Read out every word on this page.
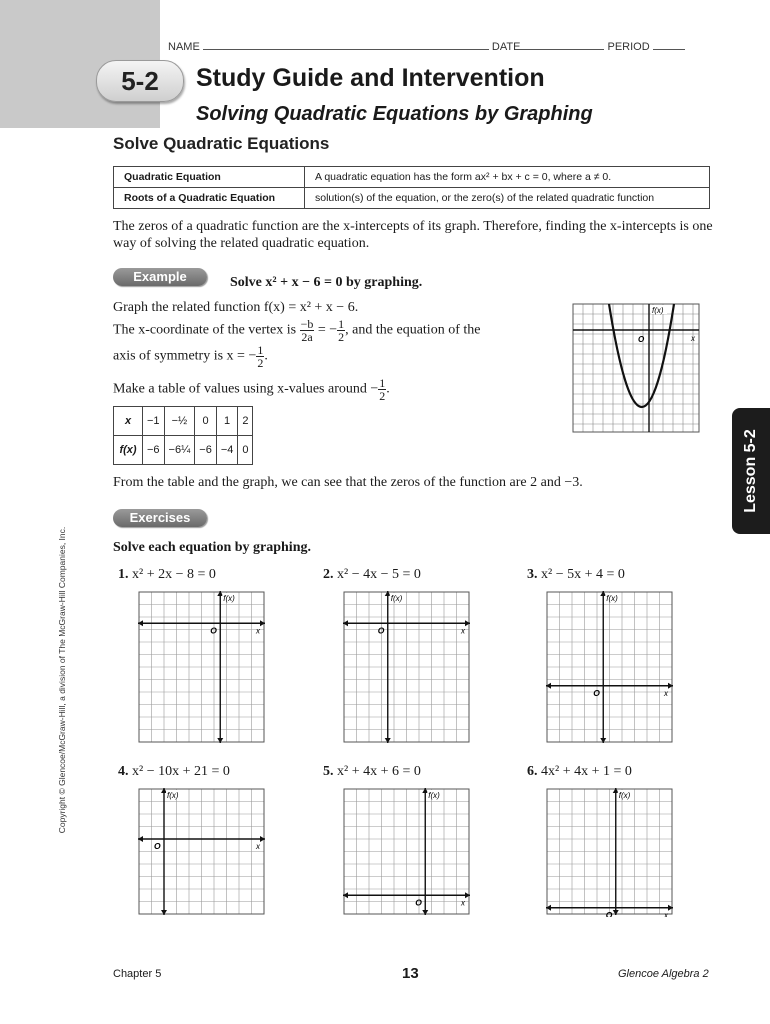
NAME	DATE	PERIOD
5-2	Study Guide and Intervention
Solving Quadratic Equations by Graphing
Solve Quadratic Equations
Quadratic Equation	A quadratic equation has the form ax² + bx + c = 0, where a ≠ 0.
Roots of a Quadratic Equation	solution(s) of the equation, or the zero(s) of the related quadratic function
The zeros of a quadratic function are the x-intercepts of its graph. Therefore, finding the x-intercepts is one way of solving the related quadratic equation.
Example	Solve x² + x − 6 = 0 by graphing.
Graph the related function f(x) = x² + x − 6.
The x-coordinate of the vertex is $\frac{-b}{2a}$ = − $\frac{1}{2}$ , and the equation of the
axis of symmetry is x = − $\frac{1}{2}$ .
Make a table of values using x-values around − $\frac{1}{2}$ .
x	−1	−½	0	1	2
f(x)	−6	−6¼	−6	−4	0
f(x)
O	x
From the table and the graph, we can see that the zeros of the function are 2 and −3.	Lesson 5-2
Copyright © Glencoe/McGraw-Hill, a division of The McGraw-Hill Companies, Inc.
Exercises
Solve each equation by graphing.
1. x² + 2x − 8 = 0	2. x² − 4x − 5 = 0	3. x² − 5x + 4 = 0
4. x² − 10x + 21 = 0	5. x² + 4x + 6 = 0	6. 4x² + 4x + 1 = 0
f(x)
O	x
f(x)
O	x
f(x)
O	x
f(x)
O	x
f(x)
O	x
f(x)
O	x
Chapter 5	13	Glencoe Algebra 2
